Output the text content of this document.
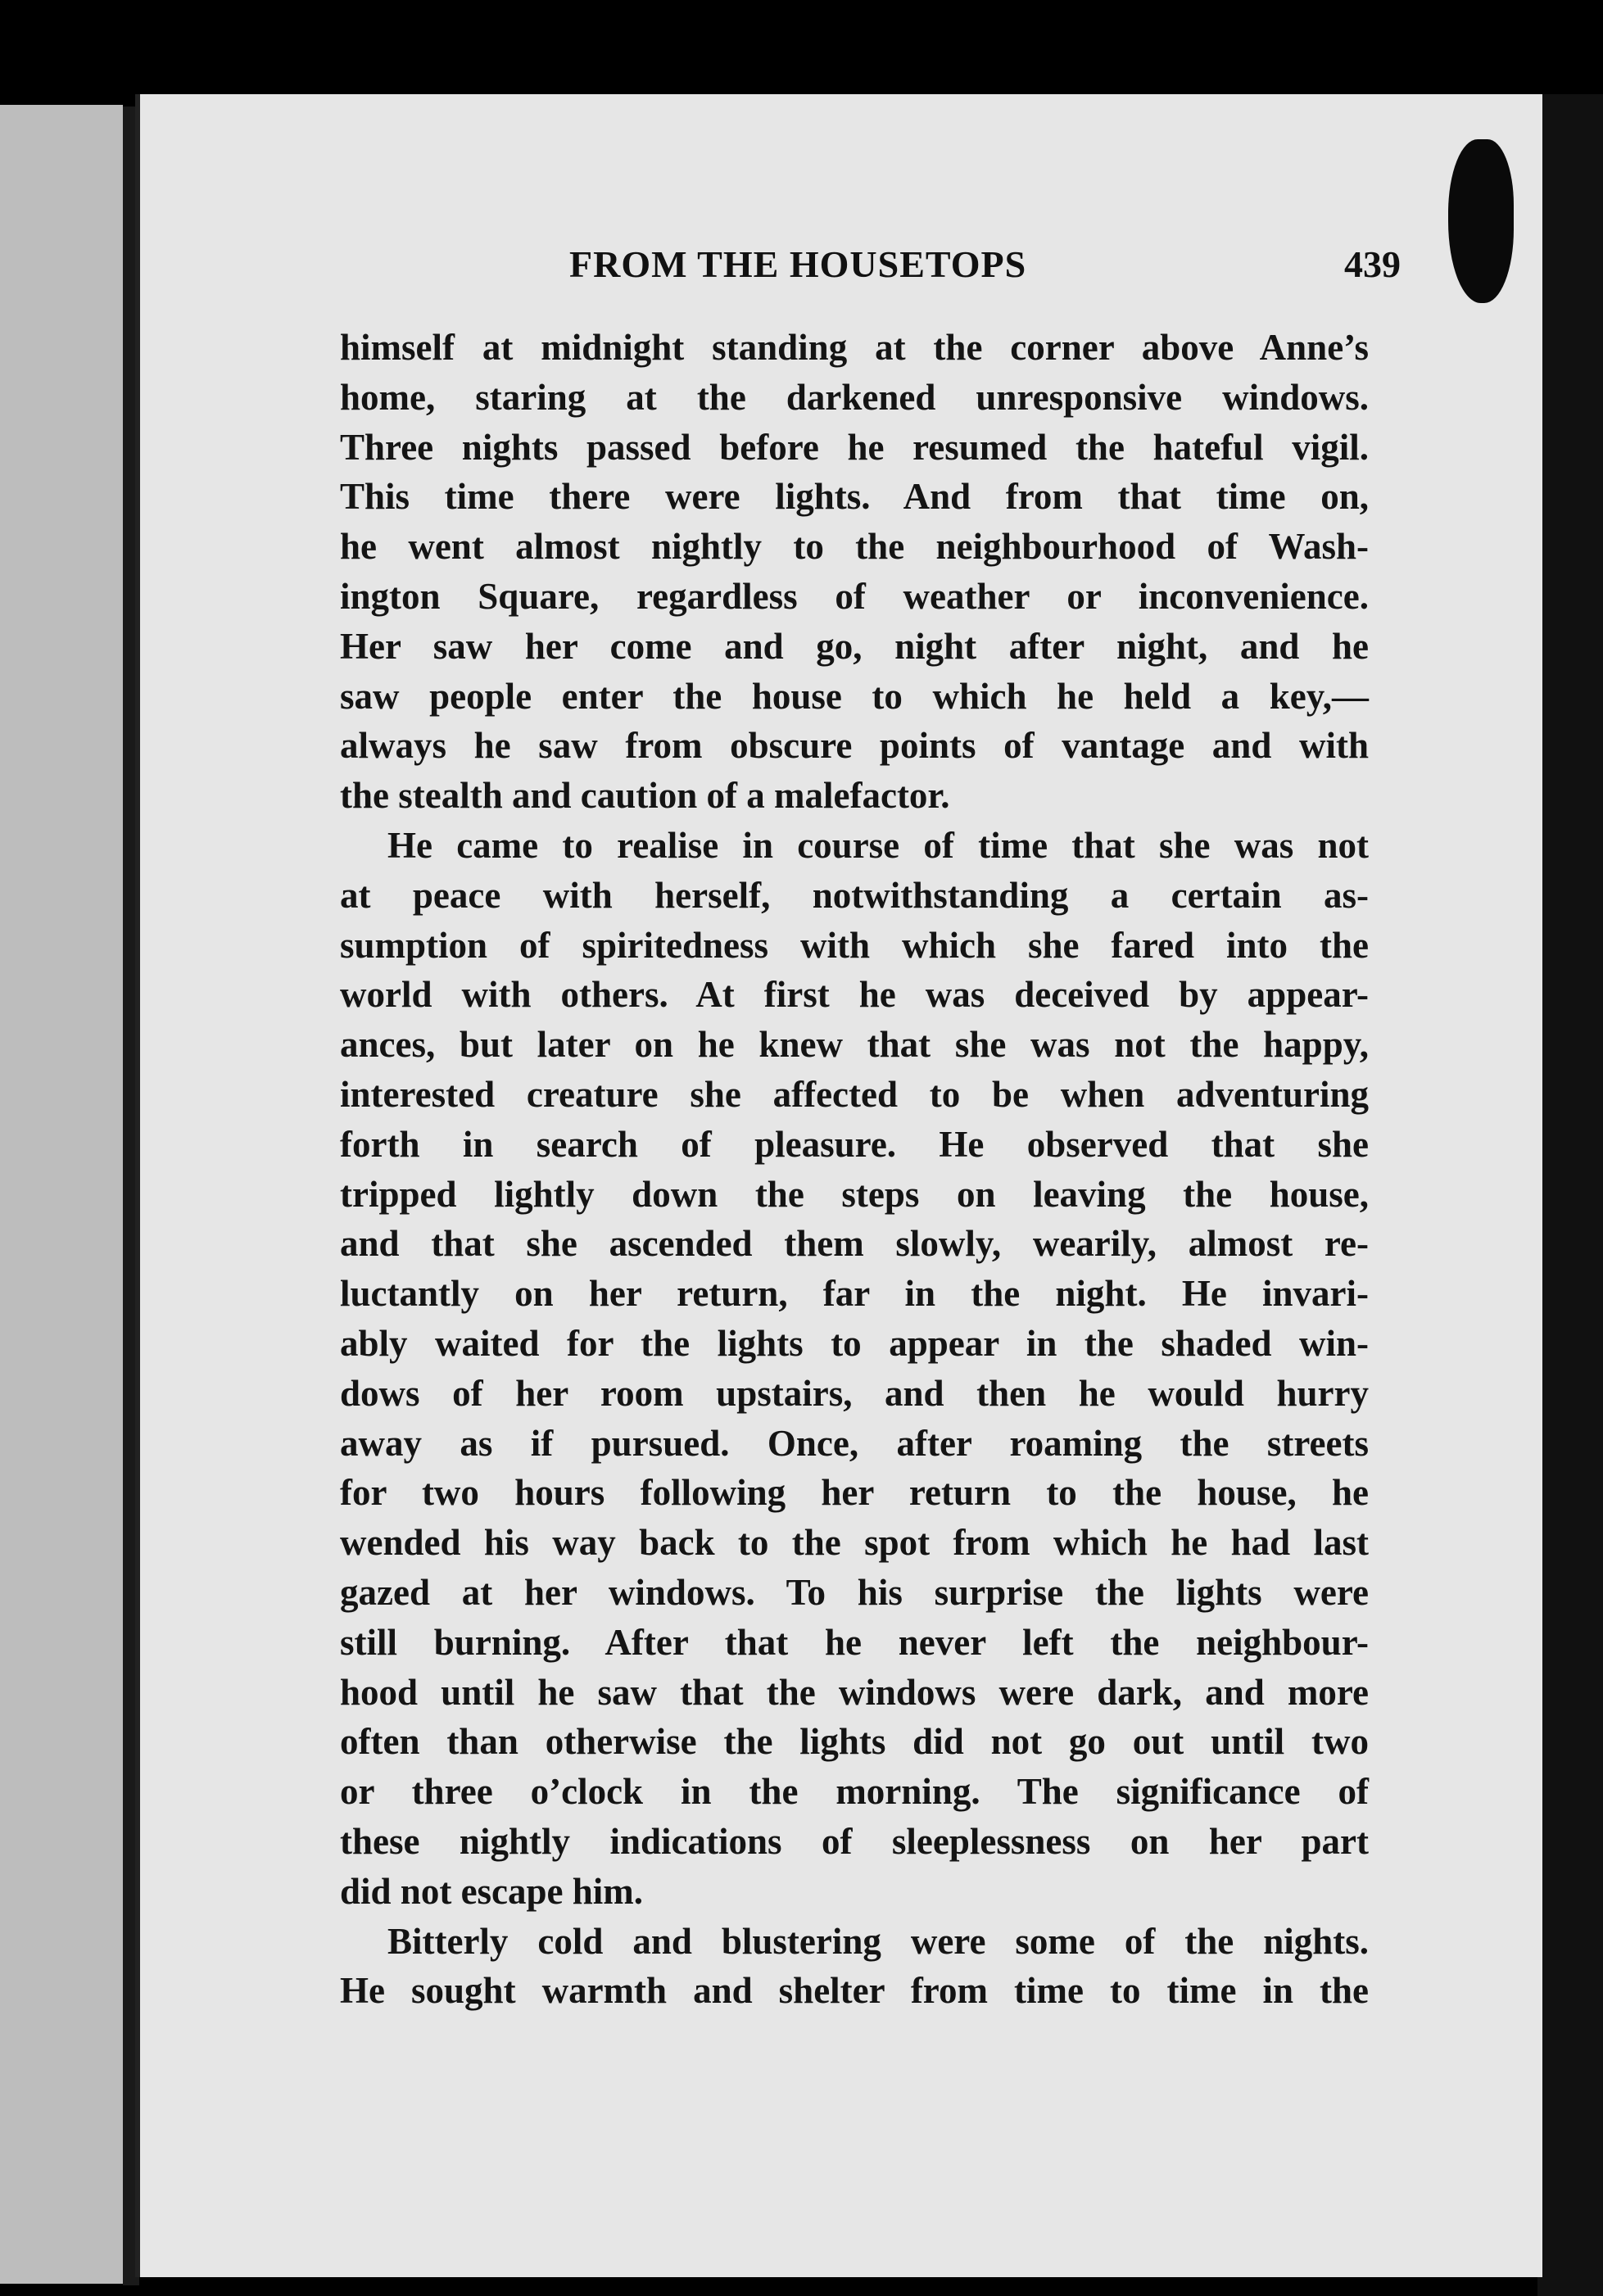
FROM THE HOUSETOPS	439
himself at midnight standing at the corner above Anne’s
home, staring at the darkened unresponsive windows.
Three nights passed before he resumed the hateful vigil.
This time there were lights. And from that time on,
he went almost nightly to the neighbourhood of Wash-
ington Square, regardless of weather or inconvenience.
Her saw her come and go, night after night, and he
saw people enter the house to which he held a key,—
always he saw from obscure points of vantage and with
the stealth and caution of a malefactor.
He came to realise in course of time that she was not
at peace with herself, notwithstanding a certain as-
sumption of spiritedness with which she fared into the
world with others. At first he was deceived by appear-
ances, but later on he knew that she was not the happy,
interested creature she affected to be when adventuring
forth in search of pleasure. He observed that she
tripped lightly down the steps on leaving the house,
and that she ascended them slowly, wearily, almost re-
luctantly on her return, far in the night. He invari-
ably waited for the lights to appear in the shaded win-
dows of her room upstairs, and then he would hurry
away as if pursued. Once, after roaming the streets
for two hours following her return to the house, he
wended his way back to the spot from which he had last
gazed at her windows. To his surprise the lights were
still burning. After that he never left the neighbour-
hood until he saw that the windows were dark, and more
often than otherwise the lights did not go out until two
or three o’clock in the morning. The significance of
these nightly indications of sleeplessness on her part
did not escape him.
Bitterly cold and blustering were some of the nights.
He sought warmth and shelter from time to time in the
